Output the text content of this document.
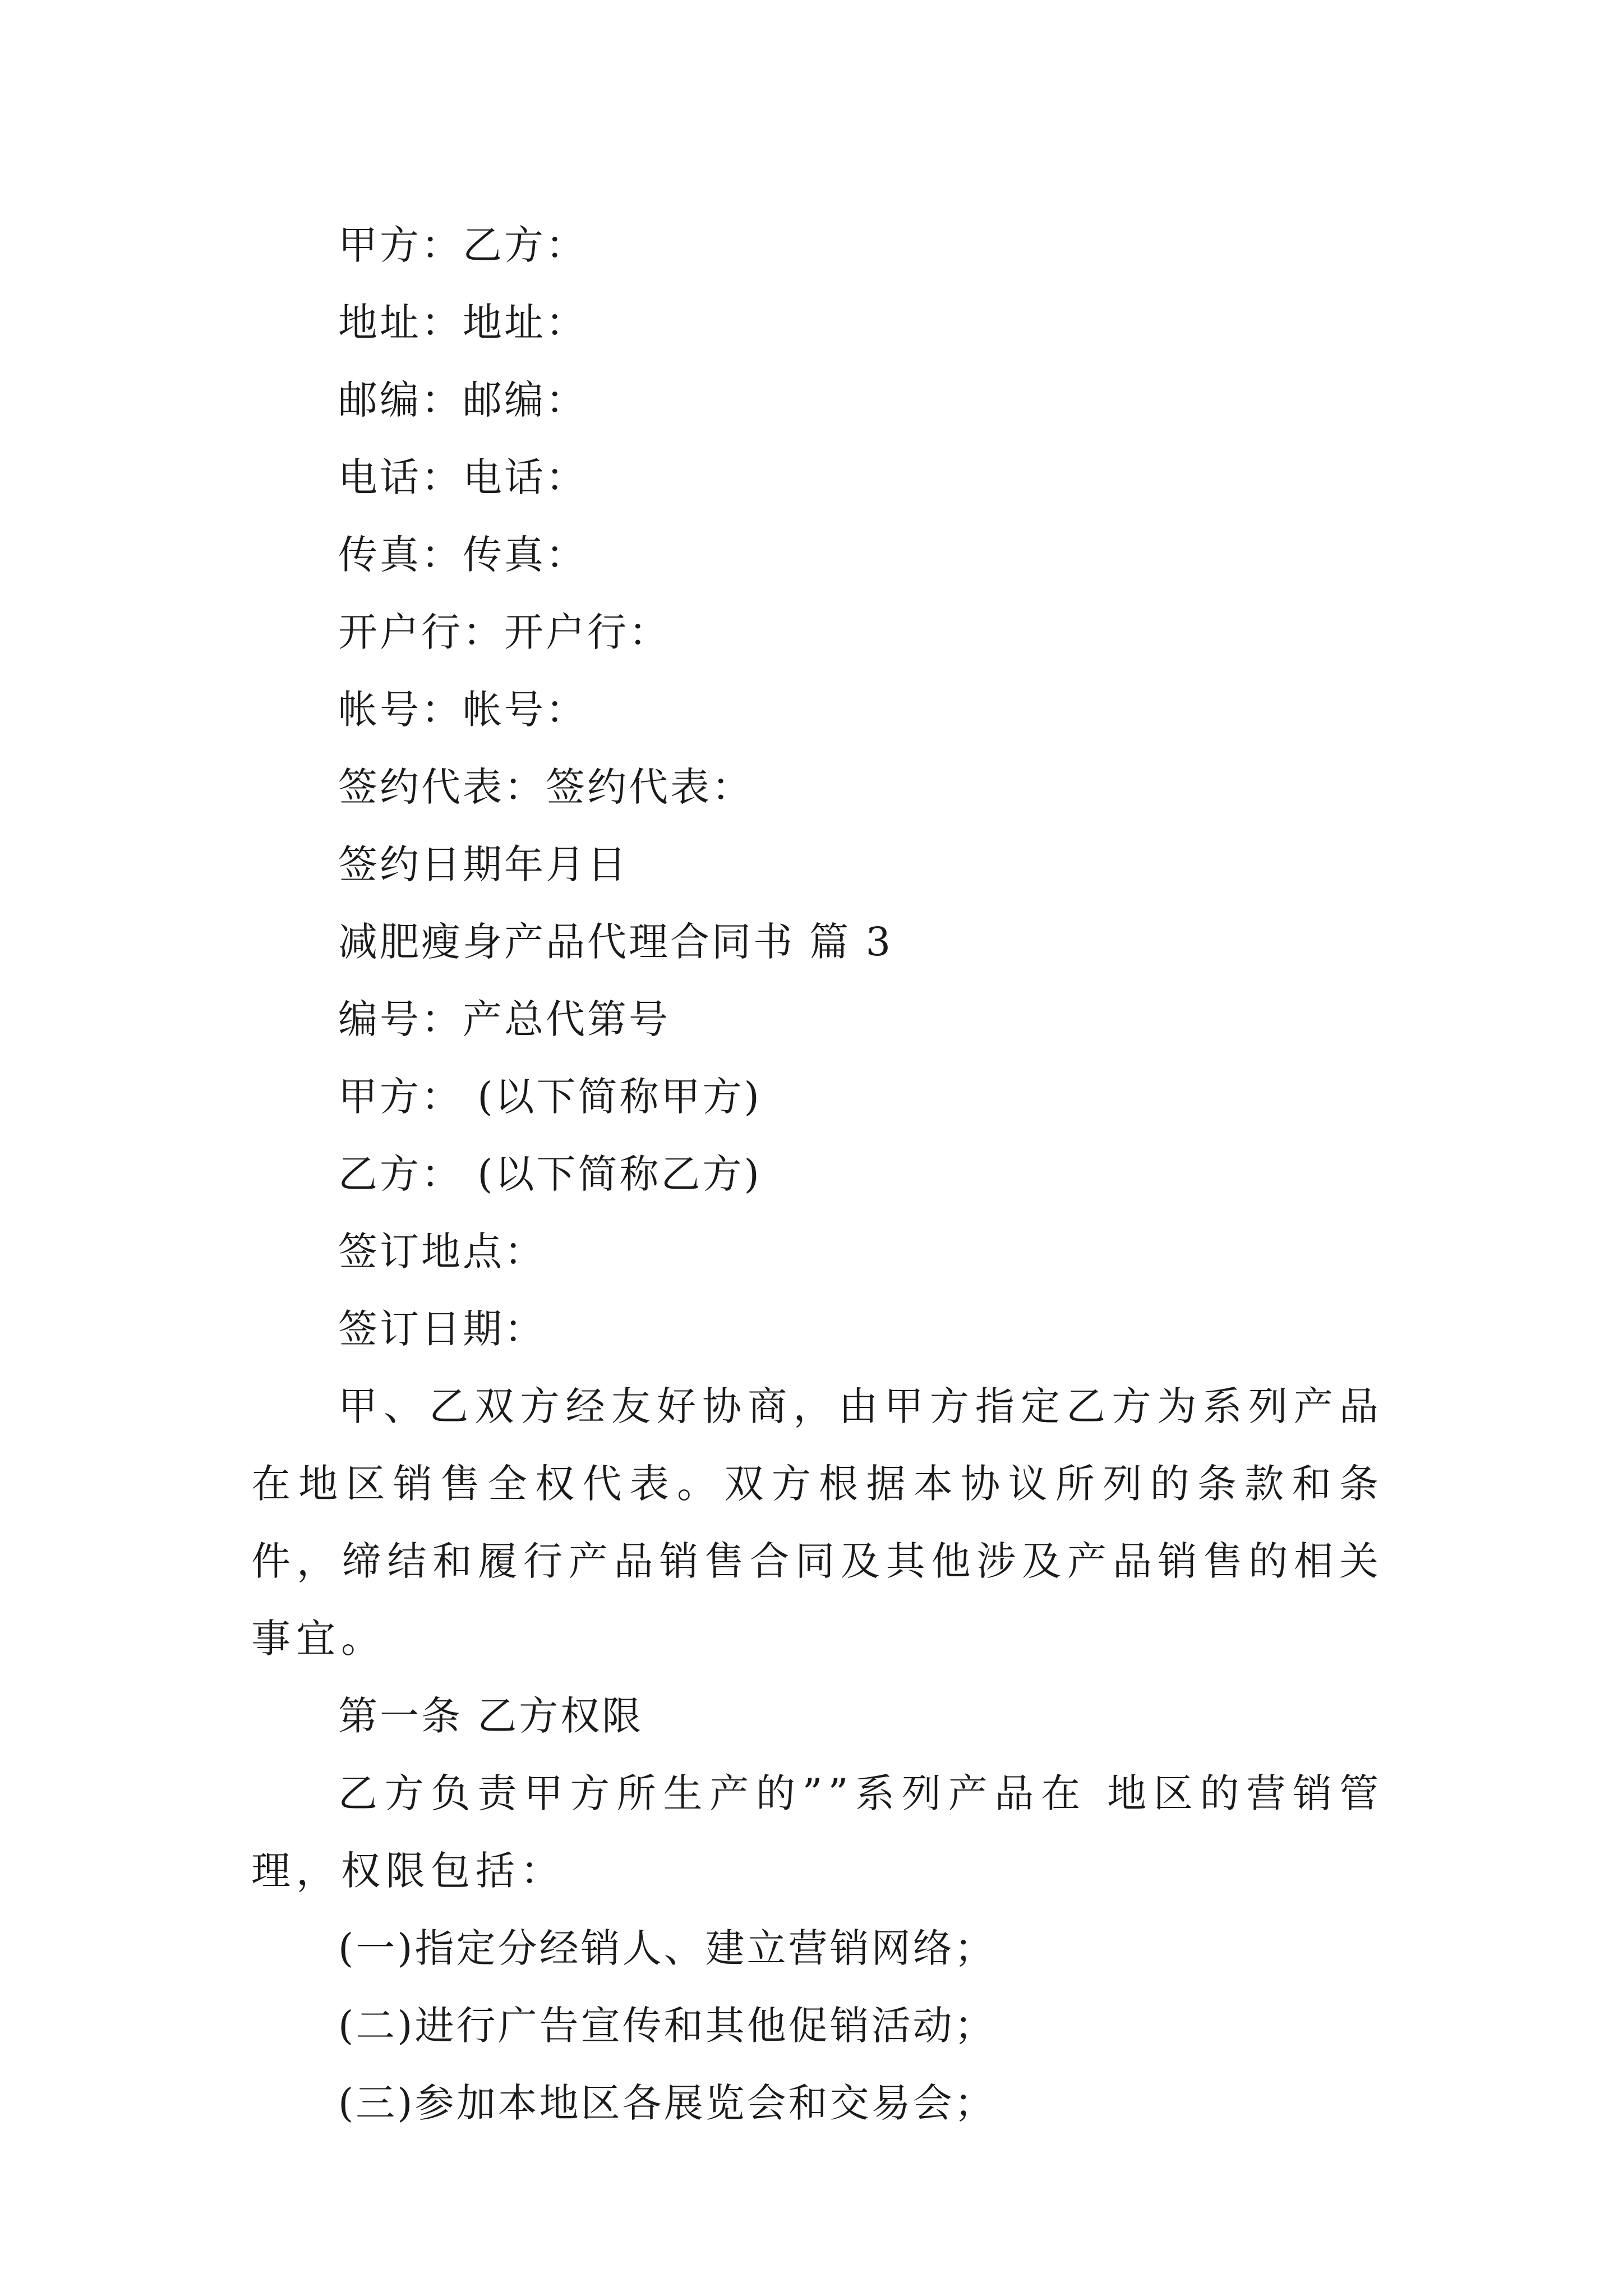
甲方：乙方：

地址：地址：

邮编：邮编：

电话：电话：

传真：传真：

开户行：开户行：

帐号：帐号：

签约代表：签约代表：

签约日期年月日

减肥瘦身产品代理合同书 篇 3

编号：产总代第号

甲方： (以下简称甲方)

乙方： (以下简称乙方)

签订地点：

签订日期：

甲、乙双方经友好协商，由甲方指定乙方为系列产品在地区销售全权代表。双方根据本协议所列的条款和条件，缔结和履行产品销售合同及其他涉及产品销售的相关事宜。

第一条 乙方权限

乙方负责甲方所生产的””系列产品在 地区的营销管理，权限包括：

(一)指定分经销人、建立营销网络；

(二)进行广告宣传和其他促销活动；

(三)参加本地区各展览会和交易会；
